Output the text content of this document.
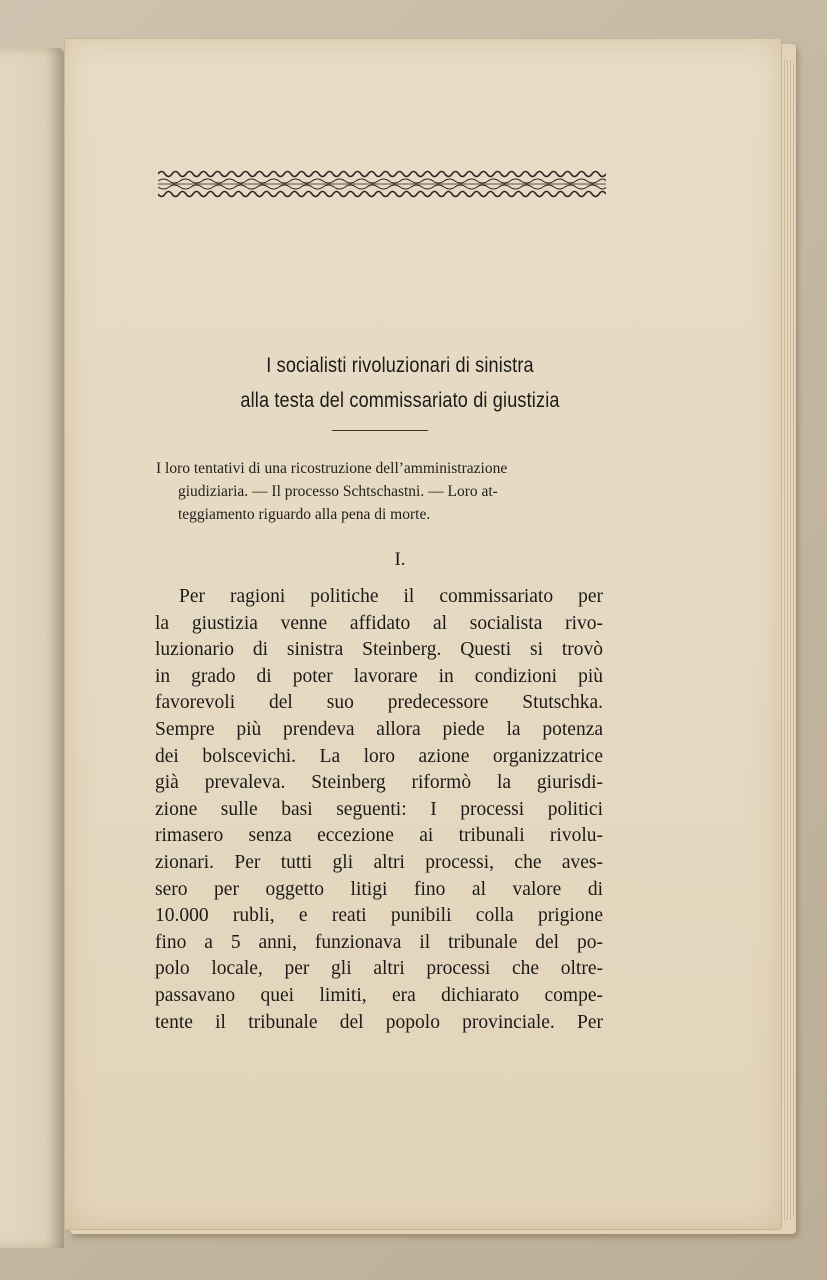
I socialisti rivoluzionari di sinistra
alla testa del commissariato di giustizia
I loro tentativi di una ricostruzione dell’amministrazione
giudiziaria. — Il processo Schtschastni. — Loro at-
teggiamento riguardo alla pena di morte.
I.
Per ragioni politiche il commissariato per
la giustizia venne affidato al socialista rivo-
luzionario di sinistra Steinberg. Questi si trovò
in grado di poter lavorare in condizioni più
favorevoli del suo predecessore Stutschka.
Sempre più prendeva allora piede la potenza
dei bolscevichi. La loro azione organizzatrice
già prevaleva. Steinberg riformò la giurisdi-
zione sulle basi seguenti: I processi politici
rimasero senza eccezione ai tribunali rivolu-
zionari. Per tutti gli altri processi, che aves-
sero per oggetto litigi fino al valore di
10.000 rubli, e reati punibili colla prigione
fino a 5 anni, funzionava il tribunale del po-
polo locale, per gli altri processi che oltre-
passavano quei limiti, era dichiarato compe-
tente il tribunale del popolo provinciale. Per
